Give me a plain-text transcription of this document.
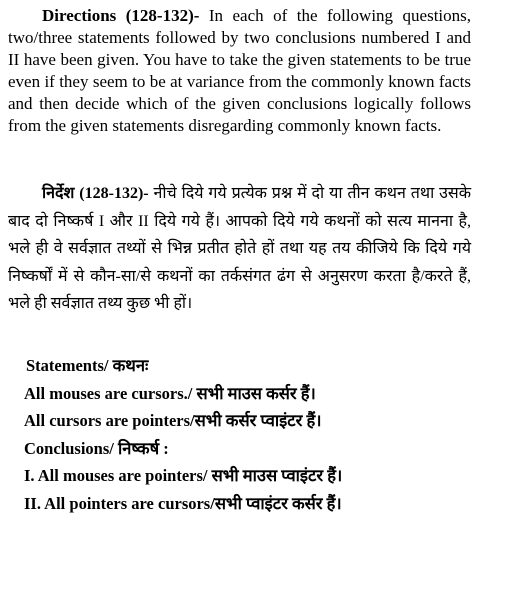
Directions (128-132)- In each of the following questions, two/three statements followed by two conclusions numbered I and II have been given. You have to take the given statements to be true even if they seem to be at variance from the commonly known facts and then decide which of the given conclusions logically follows from the given statements disregarding commonly known facts.
निर्देश (128-132)- नीचे दिये गये प्रत्येक प्रश्न में दो या तीन कथन तथा उसके बाद दो निष्कर्ष I और II दिये गये हैं। आपको दिये गये कथनों को सत्य मानना है, भले ही वे सर्वज्ञात तथ्यों से भिन्न प्रतीत होते हों तथा यह तय कीजिये कि दिये गये निष्कर्षों में से कौन-सा/से कथनों का तर्कसंगत ढंग से अनुसरण करता है/करते हैं, भले ही सर्वज्ञात तथ्य कुछ भी हों।
Statements/ कथनः
All mouses are cursors./ सभी माउस कर्सर हैं।
All cursors are pointers/सभी कर्सर प्वाइंटर हैं।
Conclusions/ निष्कर्ष :
I. All mouses are pointers/ सभी माउस प्वाइंटर हैं।
II. All pointers are cursors/सभी प्वाइंटर कर्सर हैं।
